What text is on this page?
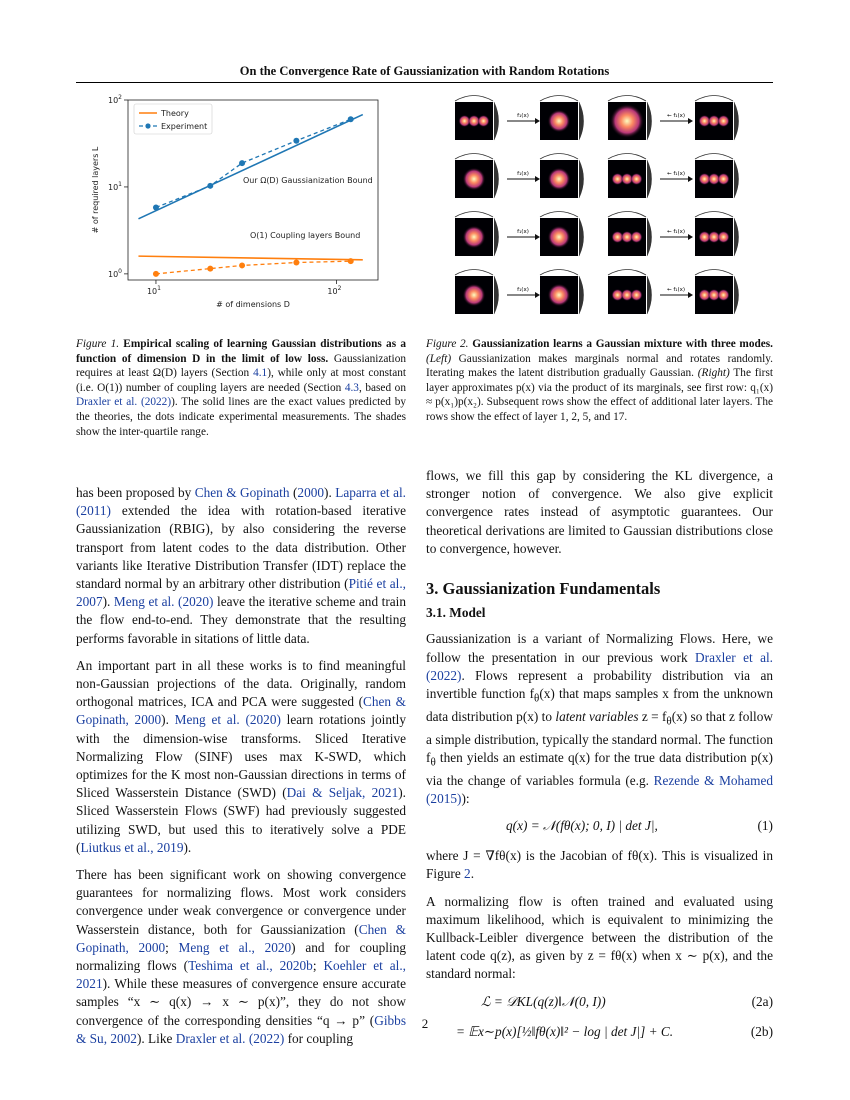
On the Convergence Rate of Gaussianization with Random Rotations
$10^0$
$10^1$
$10^2$
$10^1$	$10^2$
# of dimensions D
# of required layers L
Theory
Experiment
Our Ω(D) Gaussianization Bound
O(1) Coupling layers Bound
f₁(x)	← f₁(x)
f₁(x)	← f₁(x)
f₁(x)	← f₁(x)
f₁(x)	← f₁(x)
Figure 1. Empirical scaling of learning Gaussian distributions as a function of dimension D in the limit of low loss. Gaussianization requires at least Ω(D) layers (Section 4.1), while only at most constant (i.e. O(1)) number of coupling layers are needed (Section 4.3, based on Draxler et al. (2022)). The solid lines are the exact values predicted by the theories, the dots indicate experimental measurements. The shades show the inter-quartile range.
Figure 2. Gaussianization learns a Gaussian mixture with three modes. (Left) Gaussianization makes marginals normal and rotates randomly. Iterating makes the latent distribution gradually Gaussian. (Right) The first layer approximates p(x) via the product of its marginals, see first row: q₁(x) ≈ p(x₁)p(x₂). Subsequent rows show the effect of additional later layers. The rows show the effect of layer 1, 2, 5, and 17.

has been proposed by Chen & Gopinath (2000). Laparra et al. (2011) extended the idea with rotation-based iterative Gaussianization (RBIG), by also considering the reverse transport from latent codes to the data distribution. Other variants like Iterative Distribution Transfer (IDT) replace the standard normal by an arbitrary other distribution (Pitié et al., 2007). Meng et al. (2020) leave the iterative scheme and train the flow end-to-end. They demonstrate that the resulting performs favorable in sitations of little data.

An important part in all these works is to find meaningful non-Gaussian projections of the data. Originally, random orthogonal matrices, ICA and PCA were suggested (Chen & Gopinath, 2000). Meng et al. (2020) learn rotations jointly with the dimension-wise transforms. Sliced Iterative Normalizing Flow (SINF) uses max K-SWD, which optimizes for the K most non-Gaussian directions in terms of Sliced Wasserstein Distance (SWD) (Dai & Seljak, 2021). Sliced Wasserstein Flows (SWF) had previously suggested utilizing SWD, but used this to iteratively solve a PDE (Liutkus et al., 2019).

There has been significant work on showing convergence guarantees for normalizing flows. Most work considers convergence under weak convergence or convergence under Wasserstein distance, both for Gaussianization (Chen & Gopinath, 2000; Meng et al., 2020) and for coupling normalizing flows (Teshima et al., 2020b; Koehler et al., 2021). While these measures of convergence ensure accurate samples “x ∼ q(x) → x ∼ p(x)”, they do not show convergence of the corresponding densities “q → p” (Gibbs & Su, 2002). Like Draxler et al. (2022) for coupling

flows, we fill this gap by considering the KL divergence, a stronger notion of convergence. We also give explicit convergence rates instead of asymptotic guarantees. Our theoretical derivations are limited to Gaussian distributions close to convergence, however.

3. Gaussianization Fundamentals
3.1. Model

Gaussianization is a variant of Normalizing Flows. Here, we follow the presentation in our previous work Draxler et al. (2022). Flows represent a probability distribution via an invertible function $f_\theta(x)$ that maps samples x from the unknown data distribution p(x) to latent variables $z = f_\theta(x)$ so that z follow a simple distribution, typically the standard normal. The function $f_\theta$ then yields an estimate q(x) for the true data distribution p(x) via the change of variables formula (e.g. Rezende & Mohamed (2015)):

q(x) = 𝒩(fθ(x); 0, I) | det J|,	(1)

where J = ∇fθ(x) is the Jacobian of fθ(x). This is visualized in Figure 2.

A normalizing flow is often trained and evaluated using maximum likelihood, which is equivalent to minimizing the Kullback-Leibler divergence between the distribution of the latent code q(z), as given by z = fθ(x) when x ∼ p(x), and the standard normal:

ℒ = 𝒟KL(q(z)‖𝒩(0, I))	(2a)
= 𝔼x∼p(x)[½‖fθ(x)‖² − log | det J|] + C.	(2b)
2
